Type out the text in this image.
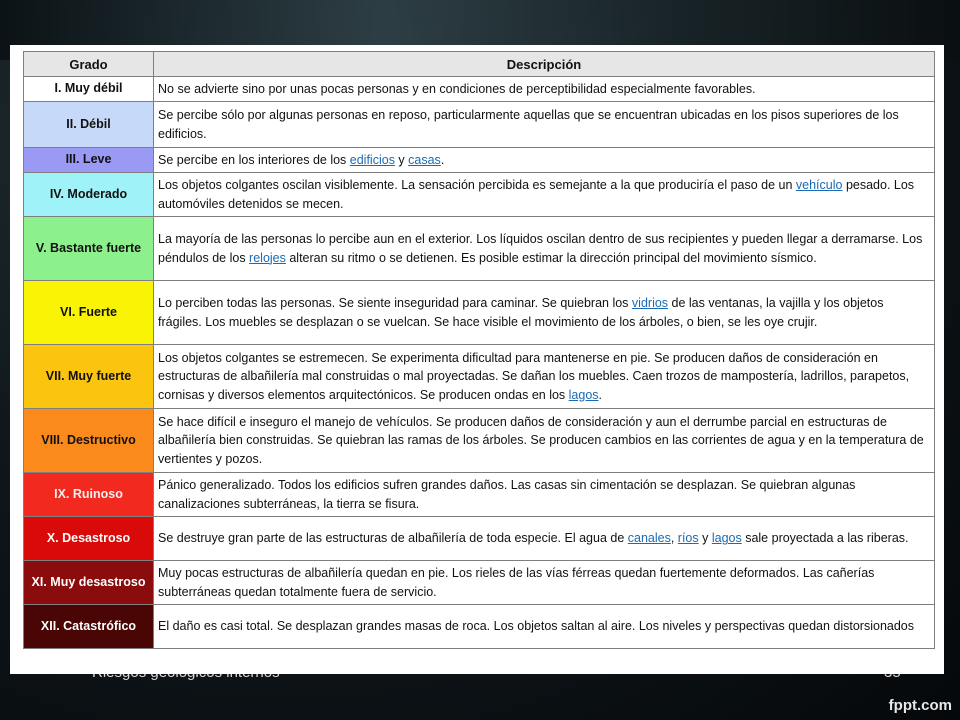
fppt.com
Grado	Descripción
I. Muy débil	No se advierte sino por unas pocas personas y en condiciones de perceptibilidad especialmente favorables.
II. Débil	Se percibe sólo por algunas personas en reposo, particularmente aquellas que se encuentran ubicadas en los pisos superiores de los edificios.
III. Leve	Se percibe en los interiores de los edificios y casas.
IV. Moderado	Los objetos colgantes oscilan visiblemente. La sensación percibida es semejante a la que produciría el paso de un vehículo pesado. Los automóviles detenidos se mecen.
V. Bastante fuerte	La mayoría de las personas lo percibe aun en el exterior. Los líquidos oscilan dentro de sus recipientes y pueden llegar a derramarse. Los péndulos de los relojes alteran su ritmo o se detienen. Es posible estimar la dirección principal del movimiento sísmico.
VI. Fuerte	Lo perciben todas las personas. Se siente inseguridad para caminar. Se quiebran los vidrios de las ventanas, la vajilla y los objetos frágiles. Los muebles se desplazan o se vuelcan. Se hace visible el movimiento de los árboles, o bien, se les oye crujir.
VII. Muy fuerte	Los objetos colgantes se estremecen. Se experimenta dificultad para mantenerse en pie. Se producen daños de consideración en estructuras de albañilería mal construidas o mal proyectadas. Se dañan los muebles. Caen trozos de mampostería, ladrillos, parapetos, cornisas y diversos elementos arquitectónicos. Se producen ondas en los lagos.
VIII. Destructivo	Se hace difícil e inseguro el manejo de vehículos. Se producen daños de consideración y aun el derrumbe parcial en estructuras de albañilería bien construidas. Se quiebran las ramas de los árboles. Se producen cambios en las corrientes de agua y en la temperatura de vertientes y pozos.
IX. Ruinoso	Pánico generalizado. Todos los edificios sufren grandes daños. Las casas sin cimentación se desplazan. Se quiebran algunas canalizaciones subterráneas, la tierra se fisura.
X. Desastroso	Se destruye gran parte de las estructuras de albañilería de toda especie. El agua de canales, ríos y lagos sale proyectada a las riberas.
XI. Muy desastroso	Muy pocas estructuras de albañilería quedan en pie. Los rieles de las vías férreas quedan fuertemente deformados. Las cañerías subterráneas quedan totalmente fuera de servicio.
XII. Catastrófico	El daño es casi total. Se desplazan grandes masas de roca. Los objetos saltan al aire. Los niveles y perspectivas quedan distorsionados
